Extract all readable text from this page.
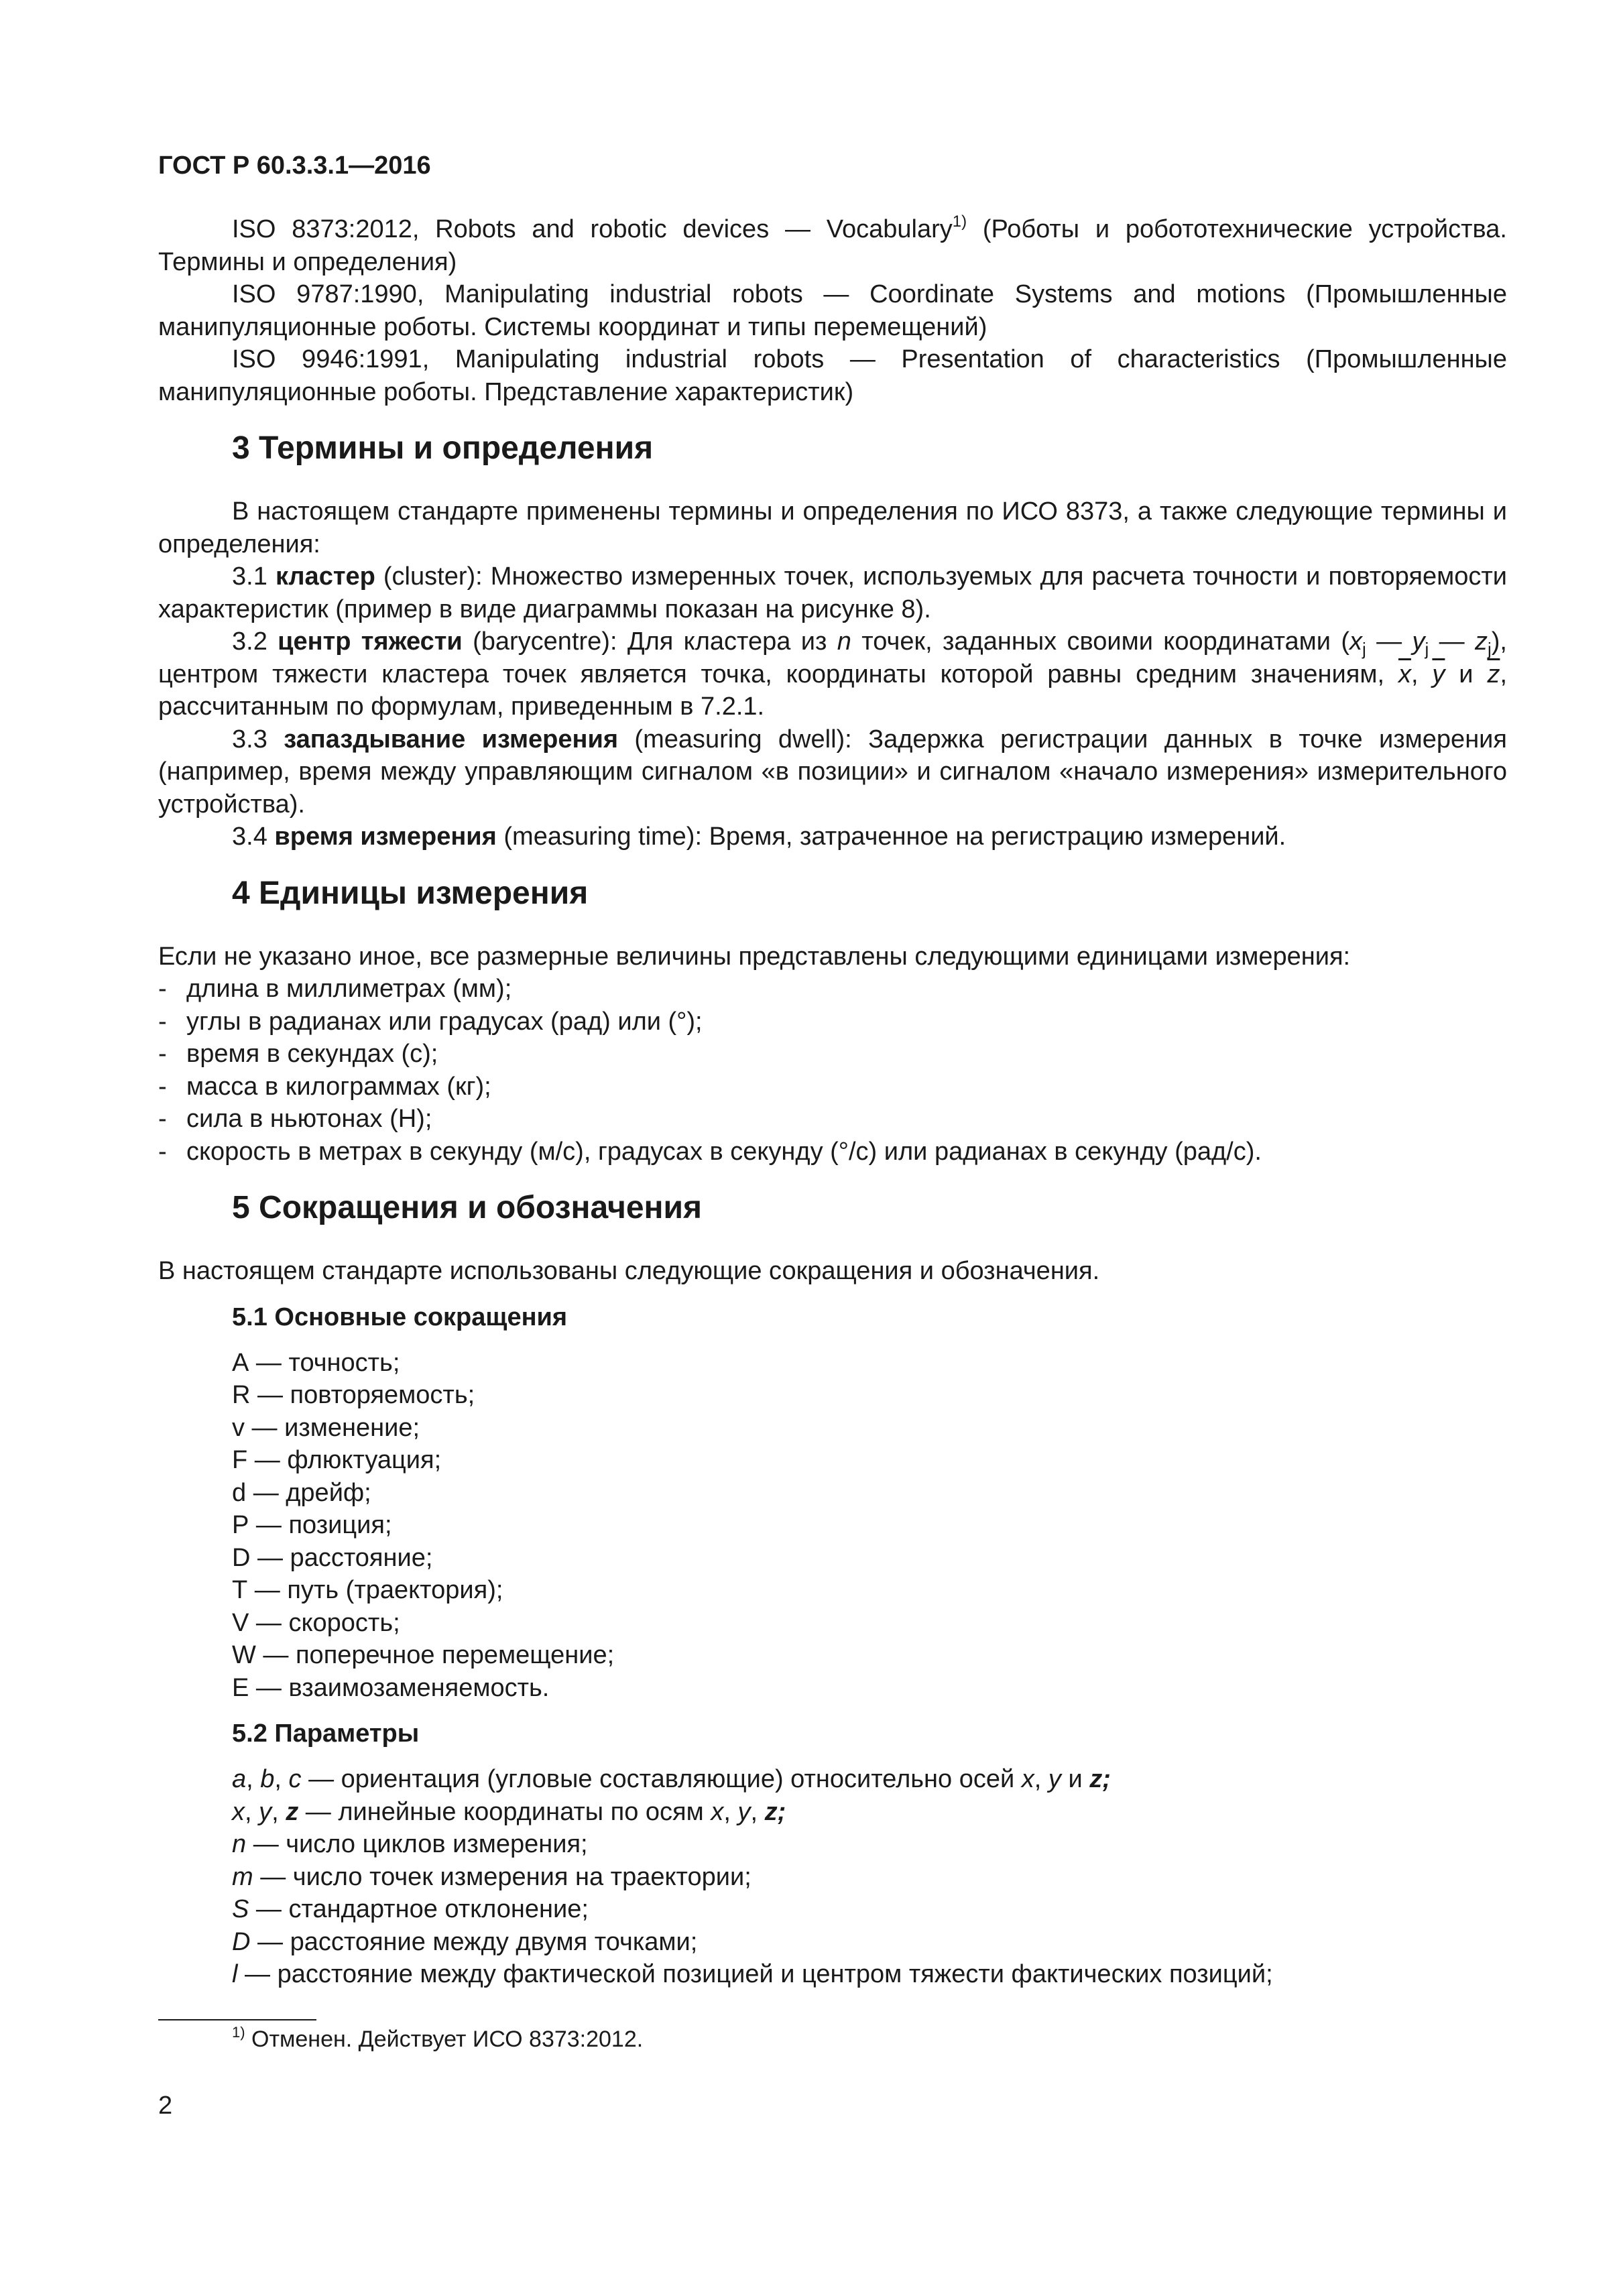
ГОСТ Р 60.3.3.1—2016

ISO 8373:2012, Robots and robotic devices — Vocabulary$^{1)}$ (Роботы и робототехнические устройства. Термины и определения)

ISO 9787:1990, Manipulating industrial robots — Coordinate Systems and motions (Промышленные манипуляционные роботы. Системы координат и типы перемещений)

ISO 9946:1991, Manipulating industrial robots — Presentation of characteristics (Промышленные манипуляционные роботы. Представление характеристик)

3 Термины и определения

В настоящем стандарте применены термины и определения по ИСО 8373, а также следующие термины и определения:

3.1 кластер (cluster): Множество измеренных точек, используемых для расчета точности и повторяемости характеристик (пример в виде диаграммы показан на рисунке 8).

3.2 центр тяжести (barycentre): Для кластера из n точек, заданных своими координатами ($x_j$ — $y_j$ — $z_j$), центром тяжести кластера точек является точка, координаты которой равны средним значениям, $\overline{x}$, $\overline{y}$ и $\overline{z}$, рассчитанным по формулам, приведенным в 7.2.1.

3.3 запаздывание измерения (measuring dwell): Задержка регистрации данных в точке измерения (например, время между управляющим сигналом «в позиции» и сигналом «начало измерения» измерительного устройства).

3.4 время измерения (measuring time): Время, затраченное на регистрацию измерений.

4 Единицы измерения

Если не указано иное, все размерные величины представлены следующими единицами измерения:

- длина в миллиметрах (мм);
- углы в радианах или градусах (рад) или (°);
- время в секундах (с);
- масса в килограммах (кг);
- сила в ньютонах (Н);
- скорость в метрах в секунду (м/с), градусах в секунду (°/с) или радианах в секунду (рад/с).
5 Сокращения и обозначения

В настоящем стандарте использованы следующие сокращения и обозначения.

5.1 Основные сокращения
А — точность;
R — повторяемость;
v — изменение;
F — флюктуация;
d — дрейф;
Р — позиция;
D — расстояние;
Т — путь (траектория);
V — скорость;
W — поперечное перемещение;
Е — взаимозаменяемость.
5.2 Параметры
a, b, c — ориентация (угловые составляющие) относительно осей x, y и z;
x, y, z — линейные координаты по осям x, y, z;
n — число циклов измерения;
m — число точек измерения на траектории;
S — стандартное отклонение;
D — расстояние между двумя точками;
l — расстояние между фактической позицией и центром тяжести фактических позиций;
$^{1)}$ Отменен. Действует ИСО 8373:2012.
2
